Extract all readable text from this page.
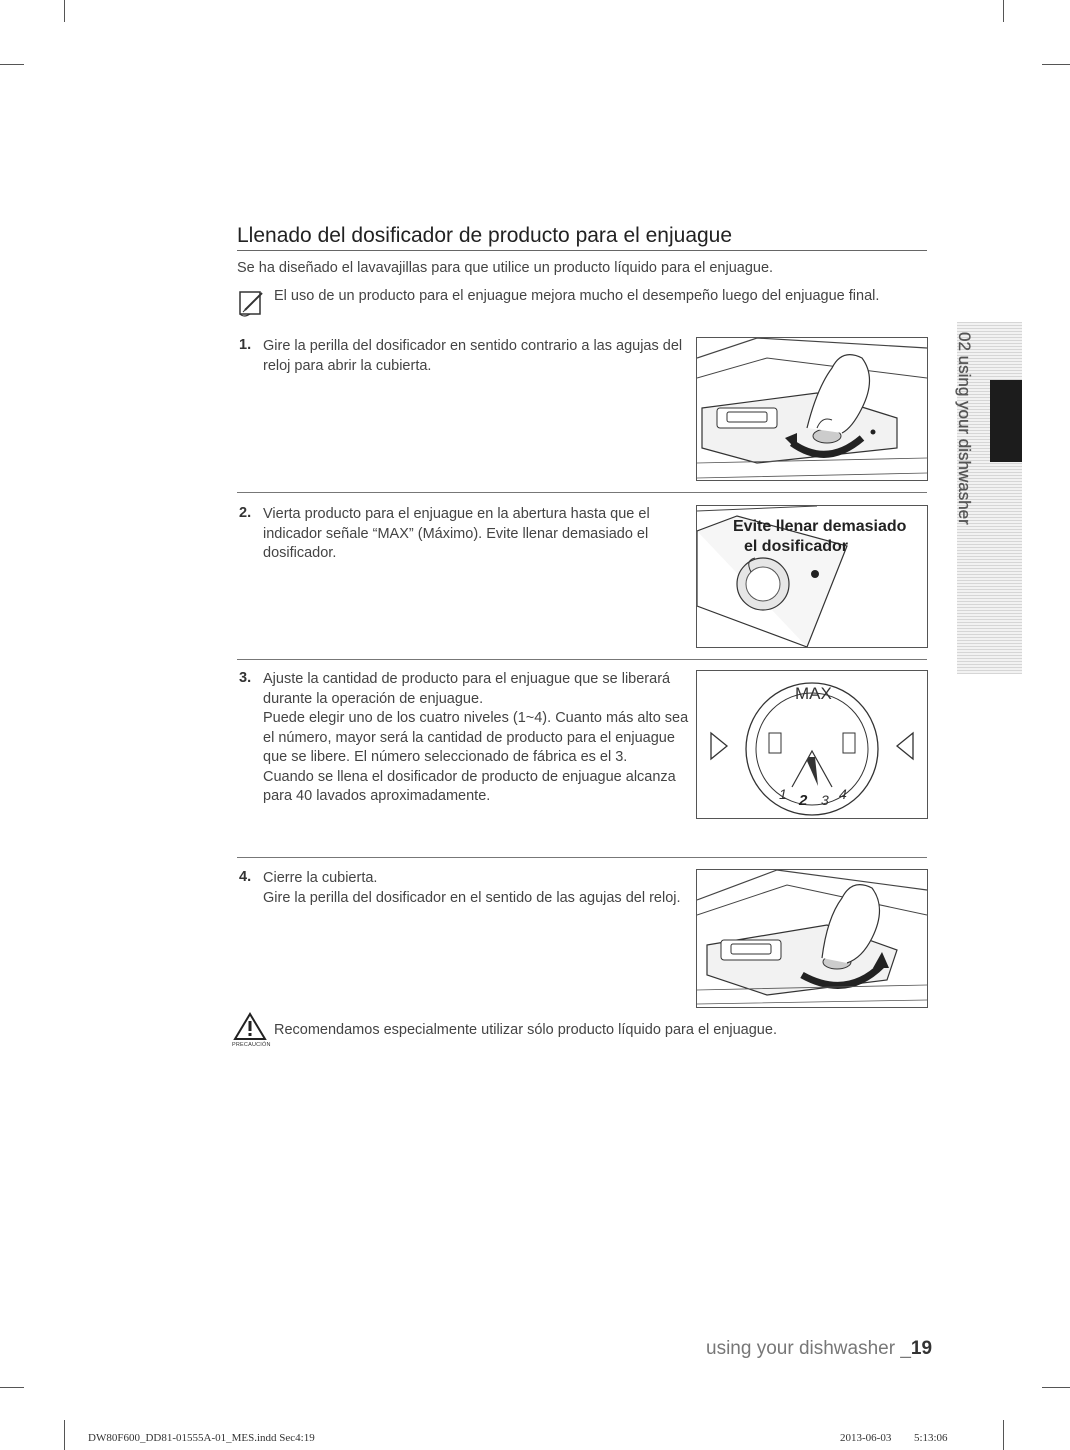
Llenado del dosificador de producto para el enjuague
Se ha diseñado el lavavajillas para que utilice un producto líquido para el enjuague.
El uso de un producto para el enjuague mejora mucho el desempeño luego del enjuague final.
1. Gire la perilla del dosificador en sentido contrario a las agujas del reloj para abrir la cubierta.

2. Vierta producto para el enjuague en la abertura hasta que el indicador señale “MAX” (Máximo). Evite llenar demasiado el dosificador.

Evite llenar demasiado
el dosificador
3. Ajuste la cantidad de producto para el enjuague que se liberará durante la operación de enjuague.

Puede elegir uno de los cuatro niveles (1~4). Cuanto más alto sea el número, mayor será la cantidad de producto para el enjuague que se libere. El número seleccionado de fábrica es el 3.

Cuando se llena el dosificador de producto de enjuague alcanza para 40 lavados aproximadamente.

MAX
1 2 3 4
4. Cierre la cubierta.

Gire la perilla del dosificador en el sentido de las agujas del reloj.

PRECAUCIÓN
Recomendamos especialmente utilizar sólo producto líquido para el enjuague.
02 using your dishwasher
using your dishwasher _19
DW80F600_DD81-01555A-01_MES.indd Sec4:19	2013-06-03 ￿￿ 5:13:06
